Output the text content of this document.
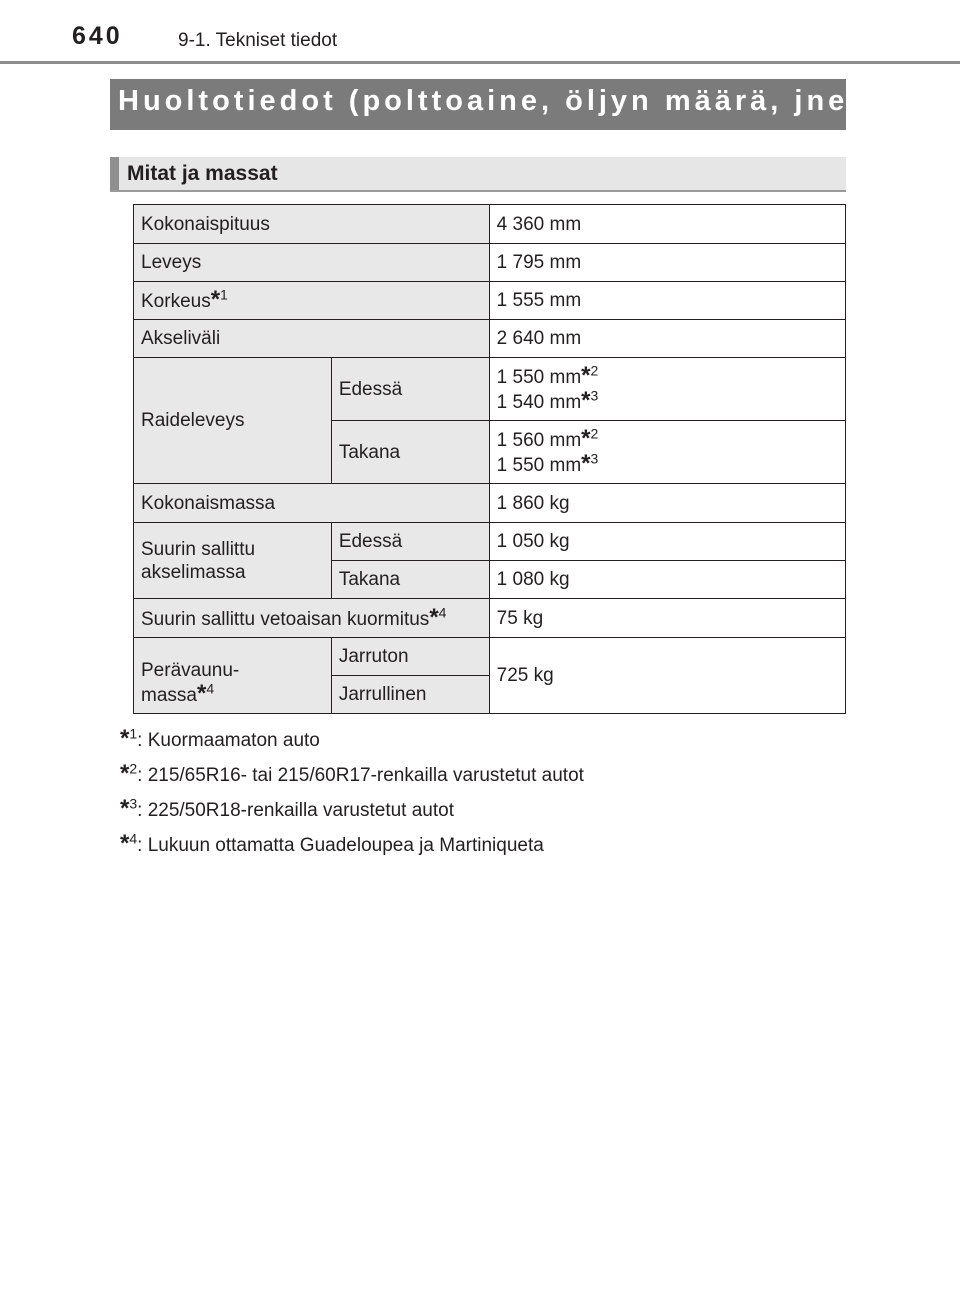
640	9-1. Tekniset tiedot
Huoltotiedot (polttoaine, öljyn määrä, jne.)
Mitat ja massat
Kokonaispituus		4 360 mm
Leveys		1 795 mm
Korkeus*$^1$		1 555 mm
Akseliväli		2 640 mm
Raideleveys	Edessä	1 550 mm*$^2$
1 540 mm*$^3$

	Takana	1 560 mm*$^2$
1 550 mm*$^3$

Kokonaismassa		1 860 kg

Suurin sallittu
akselimassa	Edessä	1 050 kg
	Takana	1 080 kg
Suurin sallittu vetoaisan kuormitus*$^4$		75 kg

Perävaunu-
massa*$^4$	Jarruton	725 kg
	Jarrullinen	
*$^1$: Kuormaamaton auto
*$^2$: 215/65R16- tai 215/60R17-renkailla varustetut autot
*$^3$: 225/50R18-renkailla varustetut autot
*$^4$: Lukuun ottamatta Guadeloupea ja Martiniqueta
